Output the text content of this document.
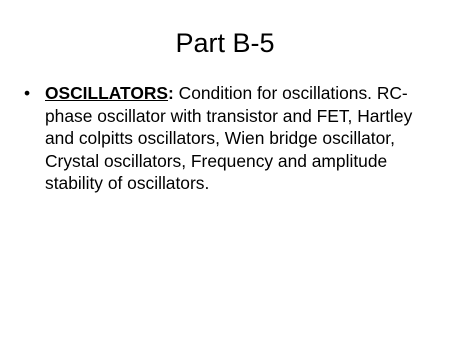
Part B-5
• OSCILLATORS: Condition for oscillations. RC-phase oscillator with transistor and FET, Hartley and colpitts oscillators, Wien bridge oscillator, Crystal oscillators, Frequency and amplitude stability of oscillators.
